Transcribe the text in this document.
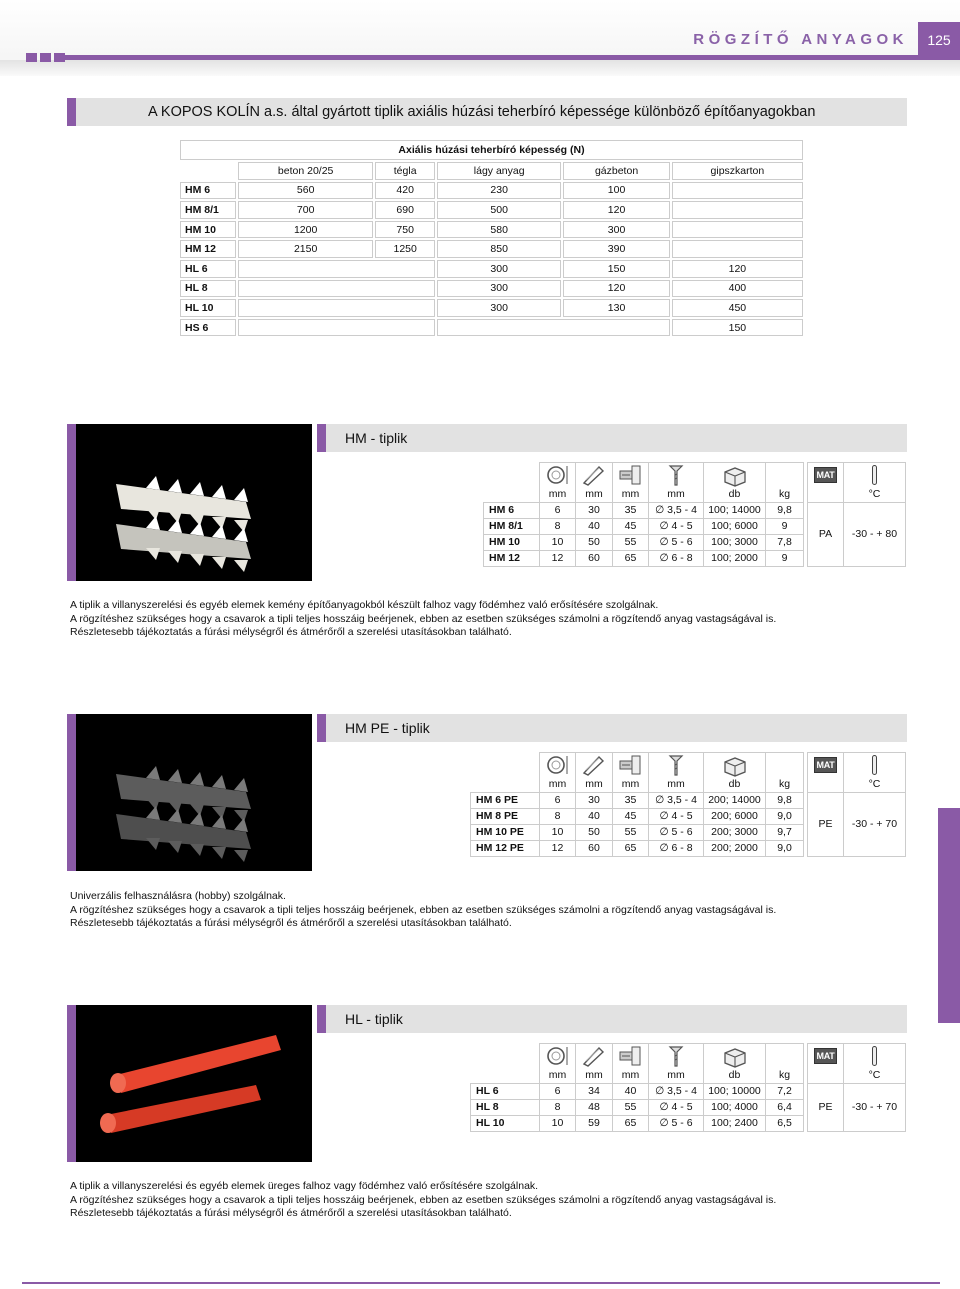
RÖGZÍTŐ ANYAGOK	125
A KOPOS KOLÍN a.s. által gyártott tiplik axiális húzási teherbíró képessége különböző építőanyagokban
Axiális húzási teherbíró képesség (N)					
	beton 20/25	tégla	lágy anyag	gázbeton	gipszkarton
HM 6	560	420	230	100	
HM 8/1	700	690	500	120	
HM 10	1200	750	580	300	
HM 12	2150	1250	850	390	
HL 6			300	150	120
HL 8			300	120	400
HL 10			300	130	450
HS 6					150
HM - tiplik
								MAT	
	mm	mm	mm	mm	db	kg			°C
HM 6	6	30	35	∅ 3,5 - 4	100; 14000	9,8		PA	-30 - + 80
HM 8/1	8	40	45	∅ 4 - 5	100; 6000	9			
HM 10	10	50	55	∅ 5 - 6	100; 3000	7,8			
HM 12	12	60	65	∅ 6 - 8	100; 2000	9			
A tiplik a villanyszerelési és egyéb elemek kemény építőanyagokból készült falhoz vagy födémhez való erősítésére szolgálnak.
A rögzítéshez szükséges hogy a csavarok a tipli teljes hosszáig beérjenek, ebben az esetben szükséges számolni a rögzítendő anyag vastagságával is.
Részletesebb tájékoztatás a fúrási mélységről és átmérőről a szerelési utasításokban található.
HM PE - tiplik
								MAT	
	mm	mm	mm	mm	db	kg			°C
HM 6 PE	6	30	35	∅ 3,5 - 4	200; 14000	9,8		PE	-30 - + 70
HM 8 PE	8	40	45	∅ 4 - 5	200; 6000	9,0			
HM 10 PE	10	50	55	∅ 5 - 6	200; 3000	9,7			
HM 12 PE	12	60	65	∅ 6 - 8	200; 2000	9,0			
Univerzális felhasználásra (hobby) szolgálnak.
A rögzítéshez szükséges hogy a csavarok a tipli teljes hosszáig beérjenek, ebben az esetben szükséges számolni a rögzítendő anyag vastagságával is.
Részletesebb tájékoztatás a fúrási mélységről és átmérőről a szerelési utasításokban található.
HL - tiplik
								MAT	
	mm	mm	mm	mm	db	kg			°C
HL 6	6	34	40	∅ 3,5 - 4	100; 10000	7,2		PE	-30 - + 70
HL 8	8	48	55	∅ 4 - 5	100; 4000	6,4			
HL 10	10	59	65	∅ 5 - 6	100; 2400	6,5			
A tiplik a villanyszerelési és egyéb elemek üreges falhoz vagy födémhez való erősítésére szolgálnak.
A rögzítéshez szükséges hogy a csavarok a tipli teljes hosszáig beérjenek, ebben az esetben szükséges számolni a rögzítendő anyag vastagságával is.
Részletesebb tájékoztatás a fúrási mélységről és átmérőről a szerelési utasításokban található.
